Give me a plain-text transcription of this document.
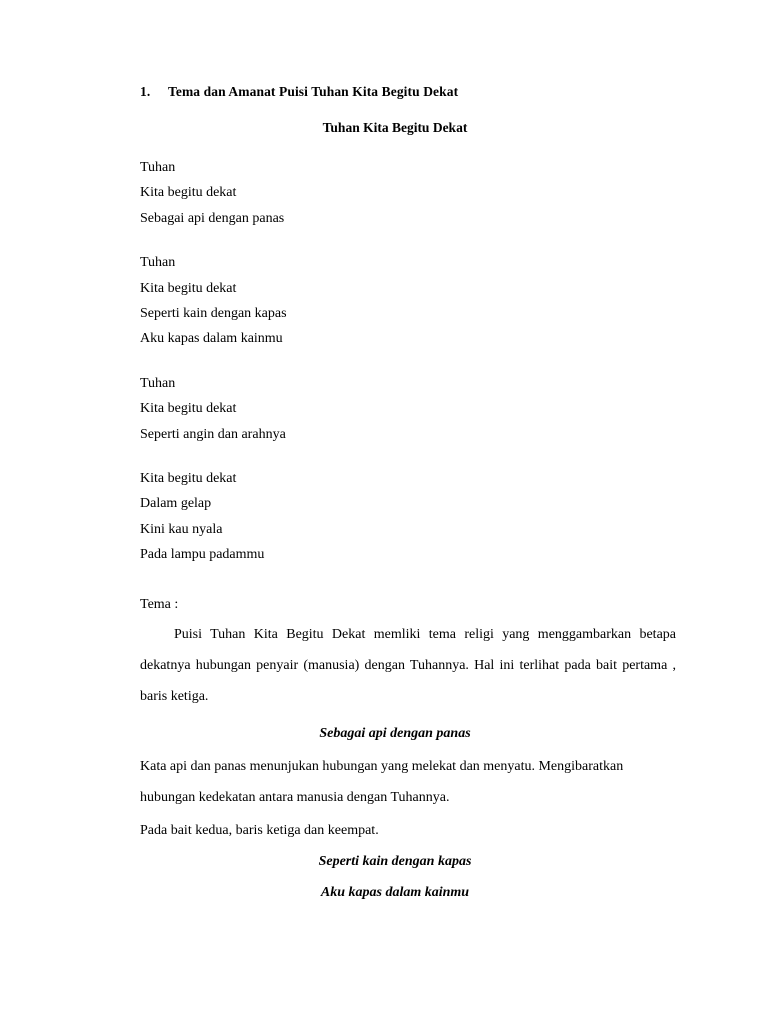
1.	Tema dan Amanat Puisi Tuhan Kita Begitu Dekat
Tuhan Kita Begitu Dekat
Tuhan
Kita begitu dekat
Sebagai api dengan panas
Tuhan
Kita begitu dekat
Seperti kain dengan kapas
Aku kapas dalam kainmu
Tuhan
Kita begitu dekat
Seperti angin dan arahnya
Kita begitu dekat
Dalam gelap
Kini kau nyala
Pada lampu padammu
Tema :
Puisi Tuhan Kita Begitu Dekat memliki tema religi yang menggambarkan betapa dekatnya hubungan penyair (manusia) dengan Tuhannya. Hal ini terlihat pada bait pertama , baris ketiga.
Sebagai api dengan panas
Kata api dan panas menunjukan hubungan yang melekat dan menyatu. Mengibaratkan hubungan kedekatan antara manusia dengan Tuhannya.
Pada bait kedua, baris ketiga dan keempat.
Seperti kain dengan kapas
Aku kapas dalam kainmu
